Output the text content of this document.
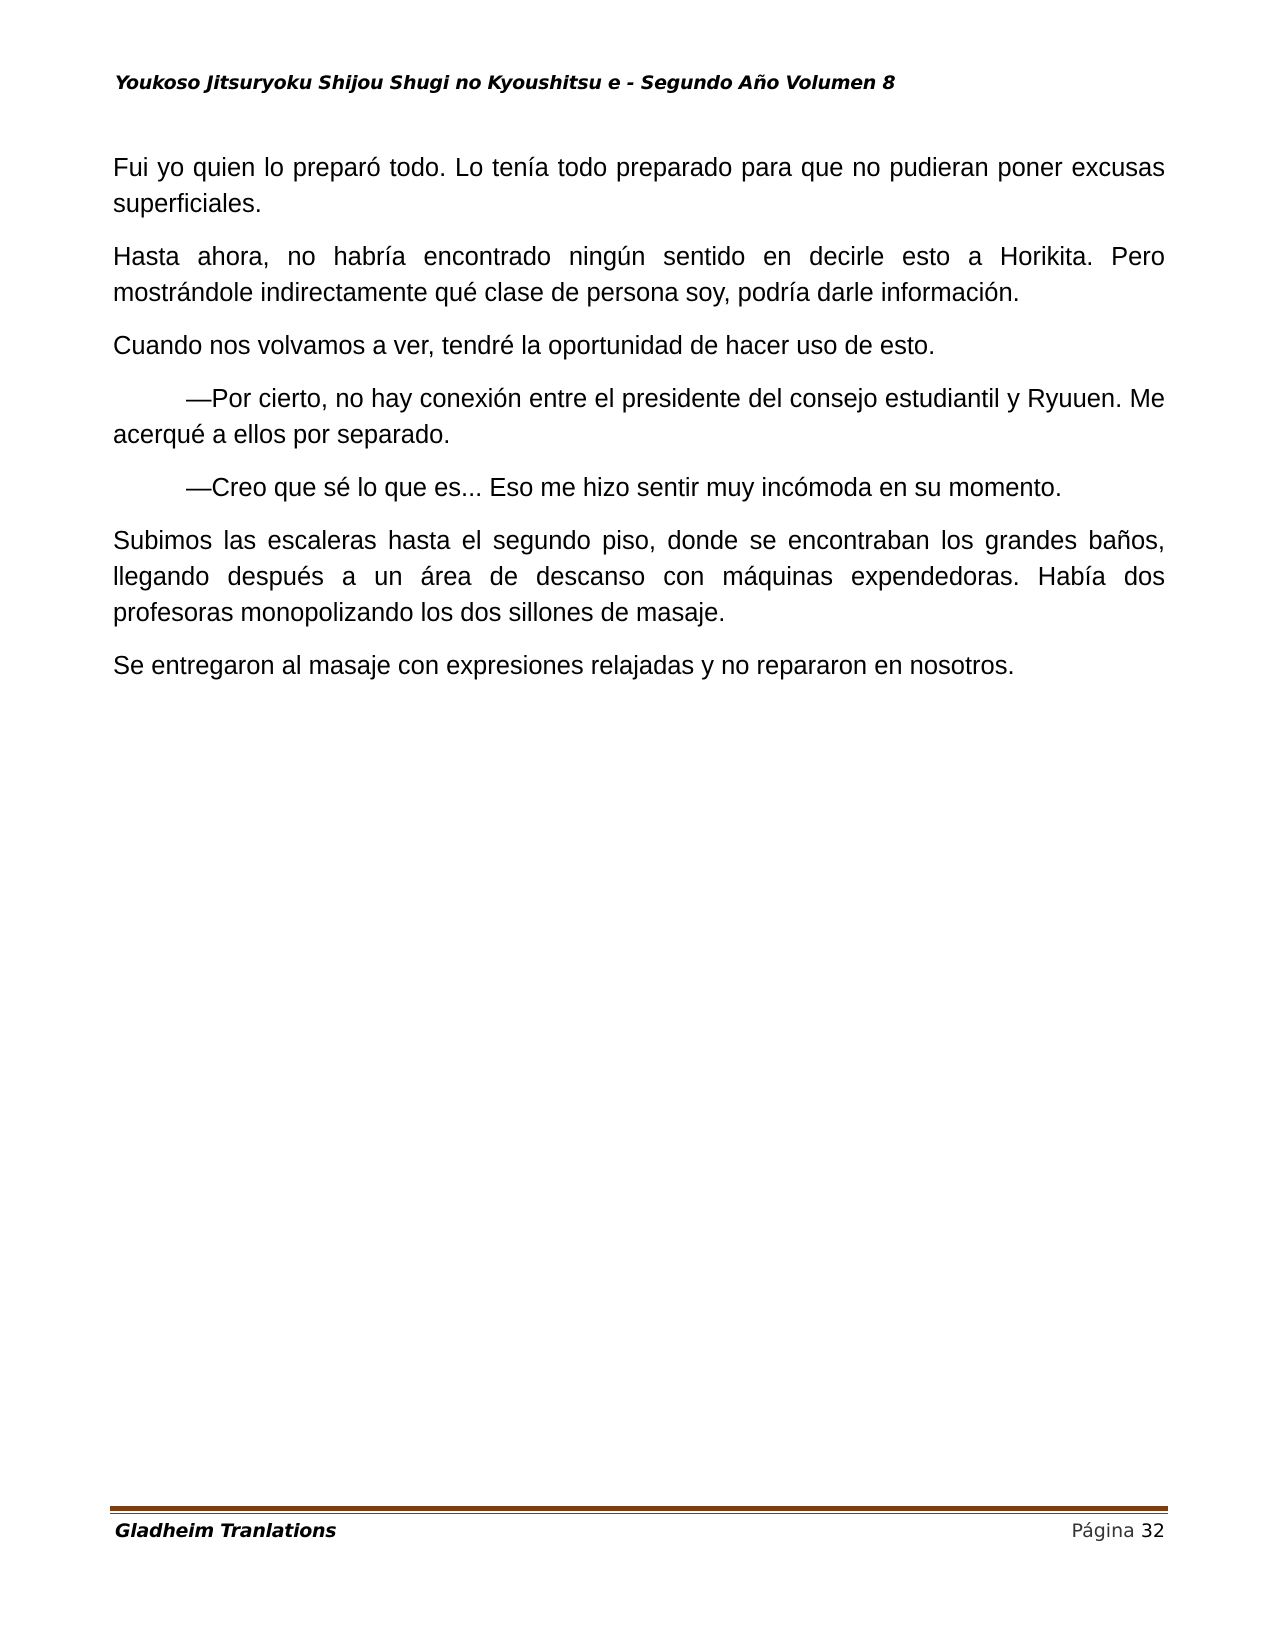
Youkoso Jitsuryoku Shijou Shugi no Kyoushitsu e - Segundo Año Volumen 8

Fui yo quien lo preparó todo. Lo tenía todo preparado para que no pudieran poner excusas superficiales.

Hasta ahora, no habría encontrado ningún sentido en decirle esto a Horikita. Pero mostrándole indirectamente qué clase de persona soy, podría darle información.

Cuando nos volvamos a ver, tendré la oportunidad de hacer uso de esto.

—Por cierto, no hay conexión entre el presidente del consejo estudiantil y Ryuuen. Me acerqué a ellos por separado.

—Creo que sé lo que es... Eso me hizo sentir muy incómoda en su momento.

Subimos las escaleras hasta el segundo piso, donde se encontraban los grandes baños, llegando después a un área de descanso con máquinas expendedoras. Había dos profesoras monopolizando los dos sillones de masaje.

Se entregaron al masaje con expresiones relajadas y no repararon en nosotros.

Gladheim Tranlations	Página 32
